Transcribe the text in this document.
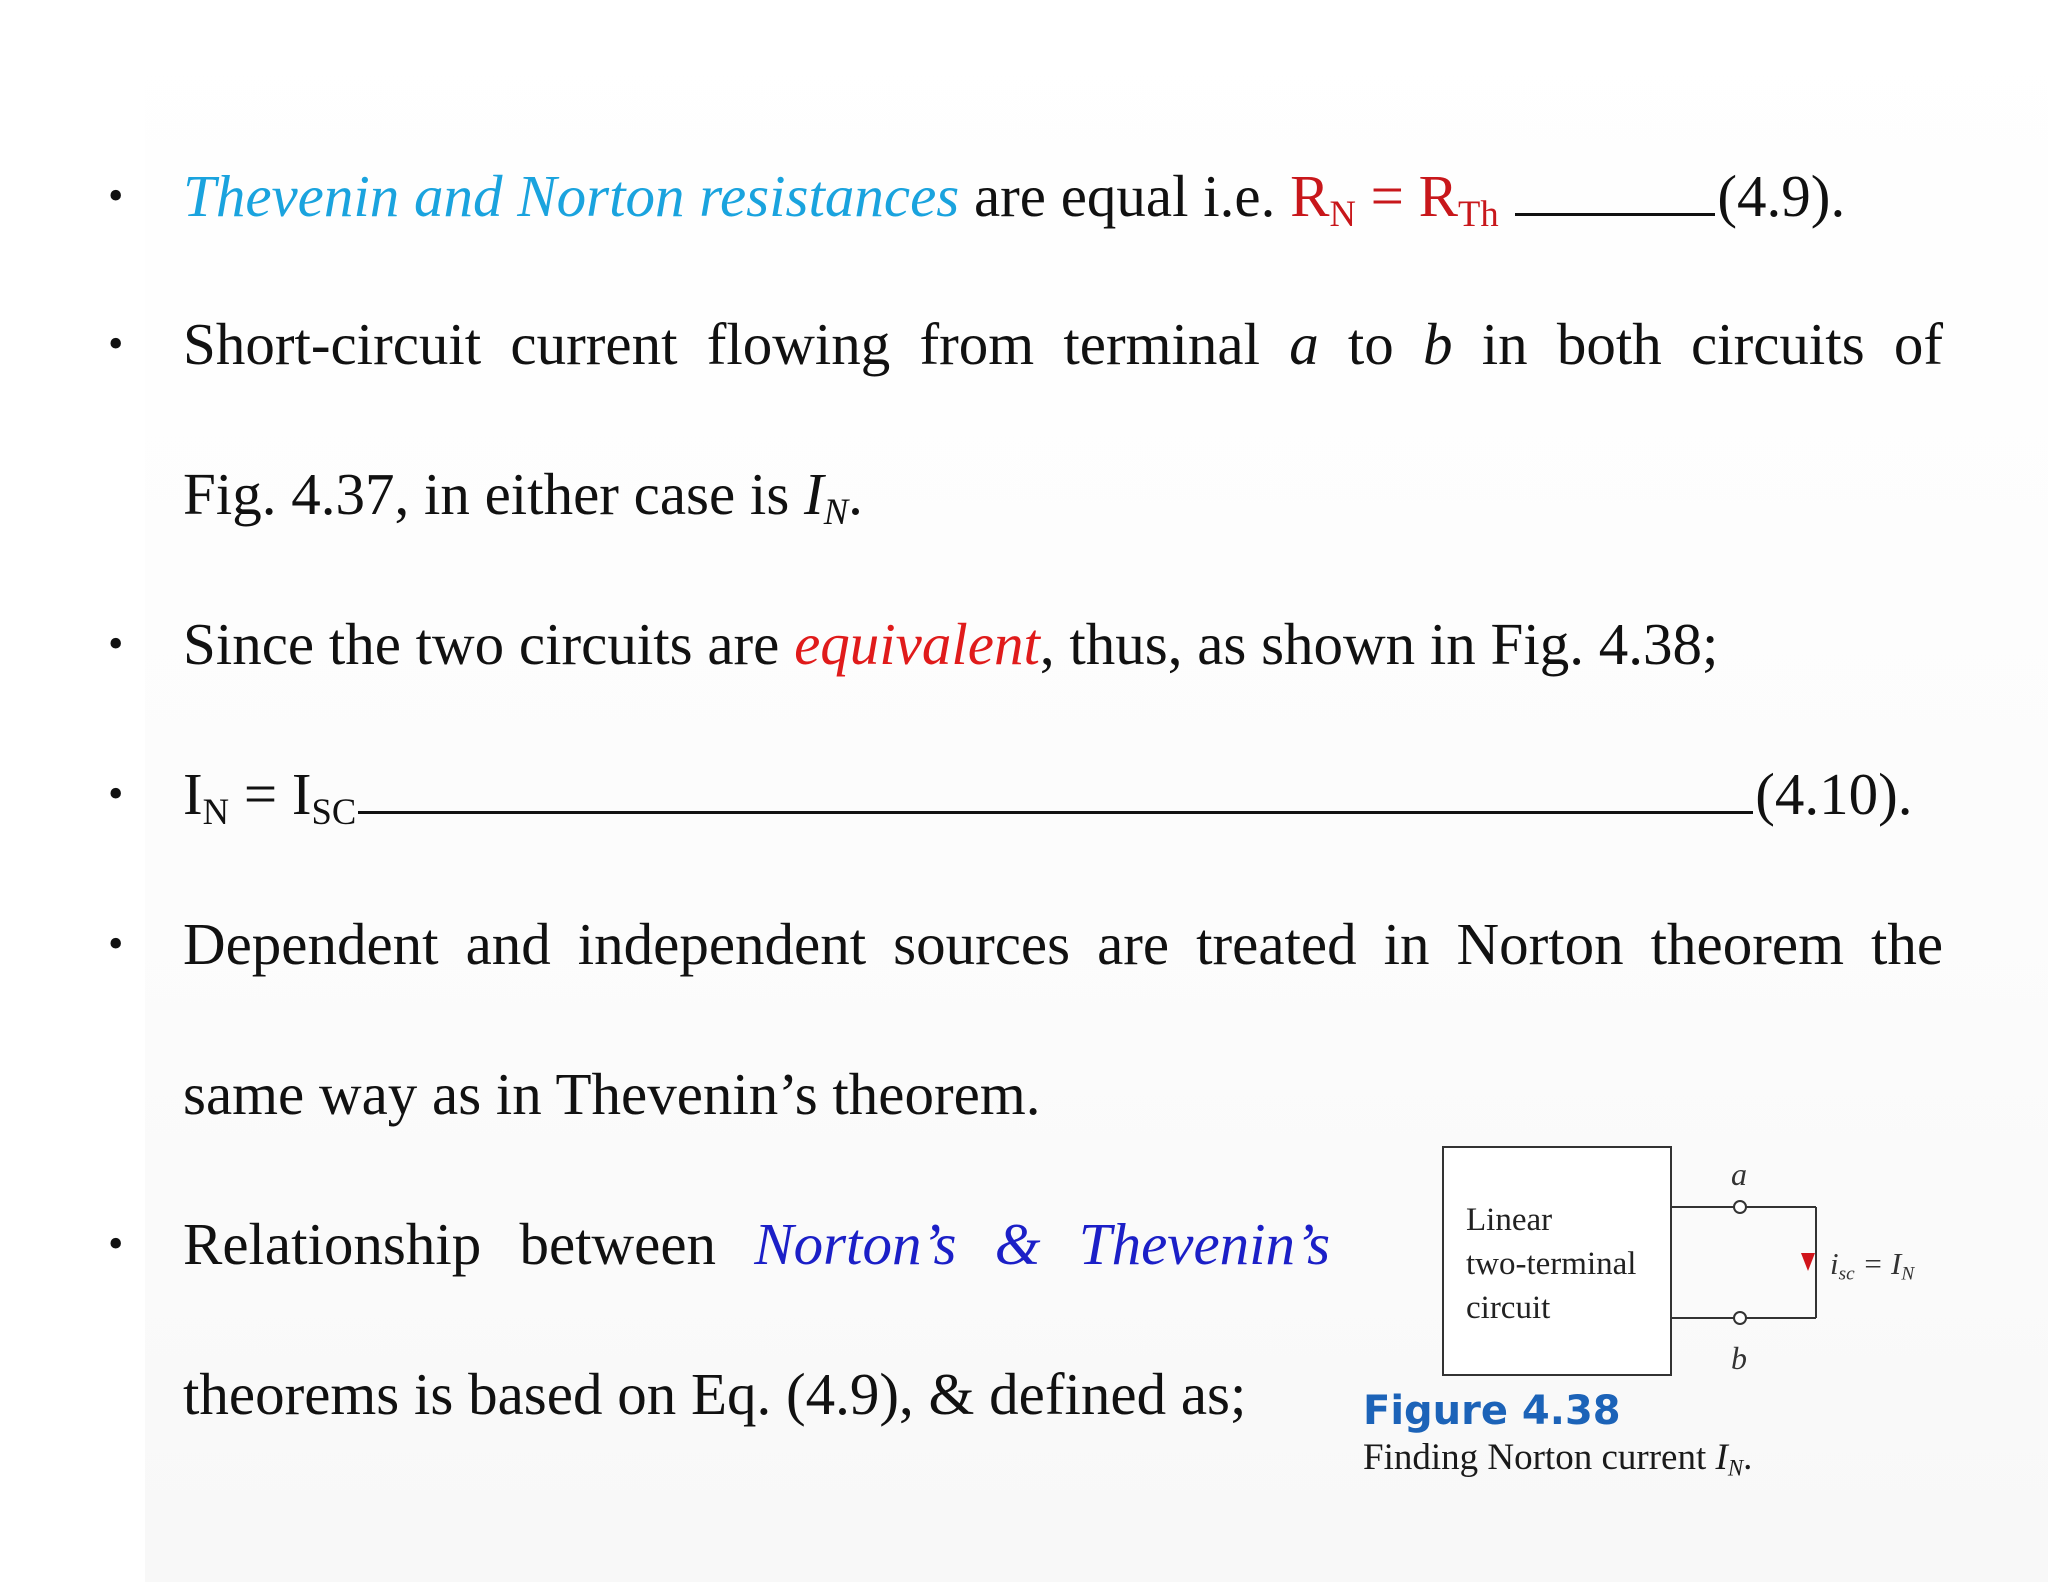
• Thevenin and Norton resistances are equal i.e. $R_N = R_{Th}$	(4.9).
• Short-circuit current flowing from terminal a to b in both circuits of
Fig. 4.37, in either case is $I_N$.
• Since the two circuits are equivalent, thus, as shown in Fig. 4.38;
• $I_N = I_{SC}$	(4.10).
• Dependent and independent sources are treated in Norton theorem the
same way as in Thevenin’s theorem.
• Relationship between Norton’s & Thevenin’s
theorems is based on Eq. (4.9), & defined as;
Linear
two-terminal
circuit
a
b
$i_{sc} = I_N$
Figure 4.38
Finding Norton current $I_N$.
